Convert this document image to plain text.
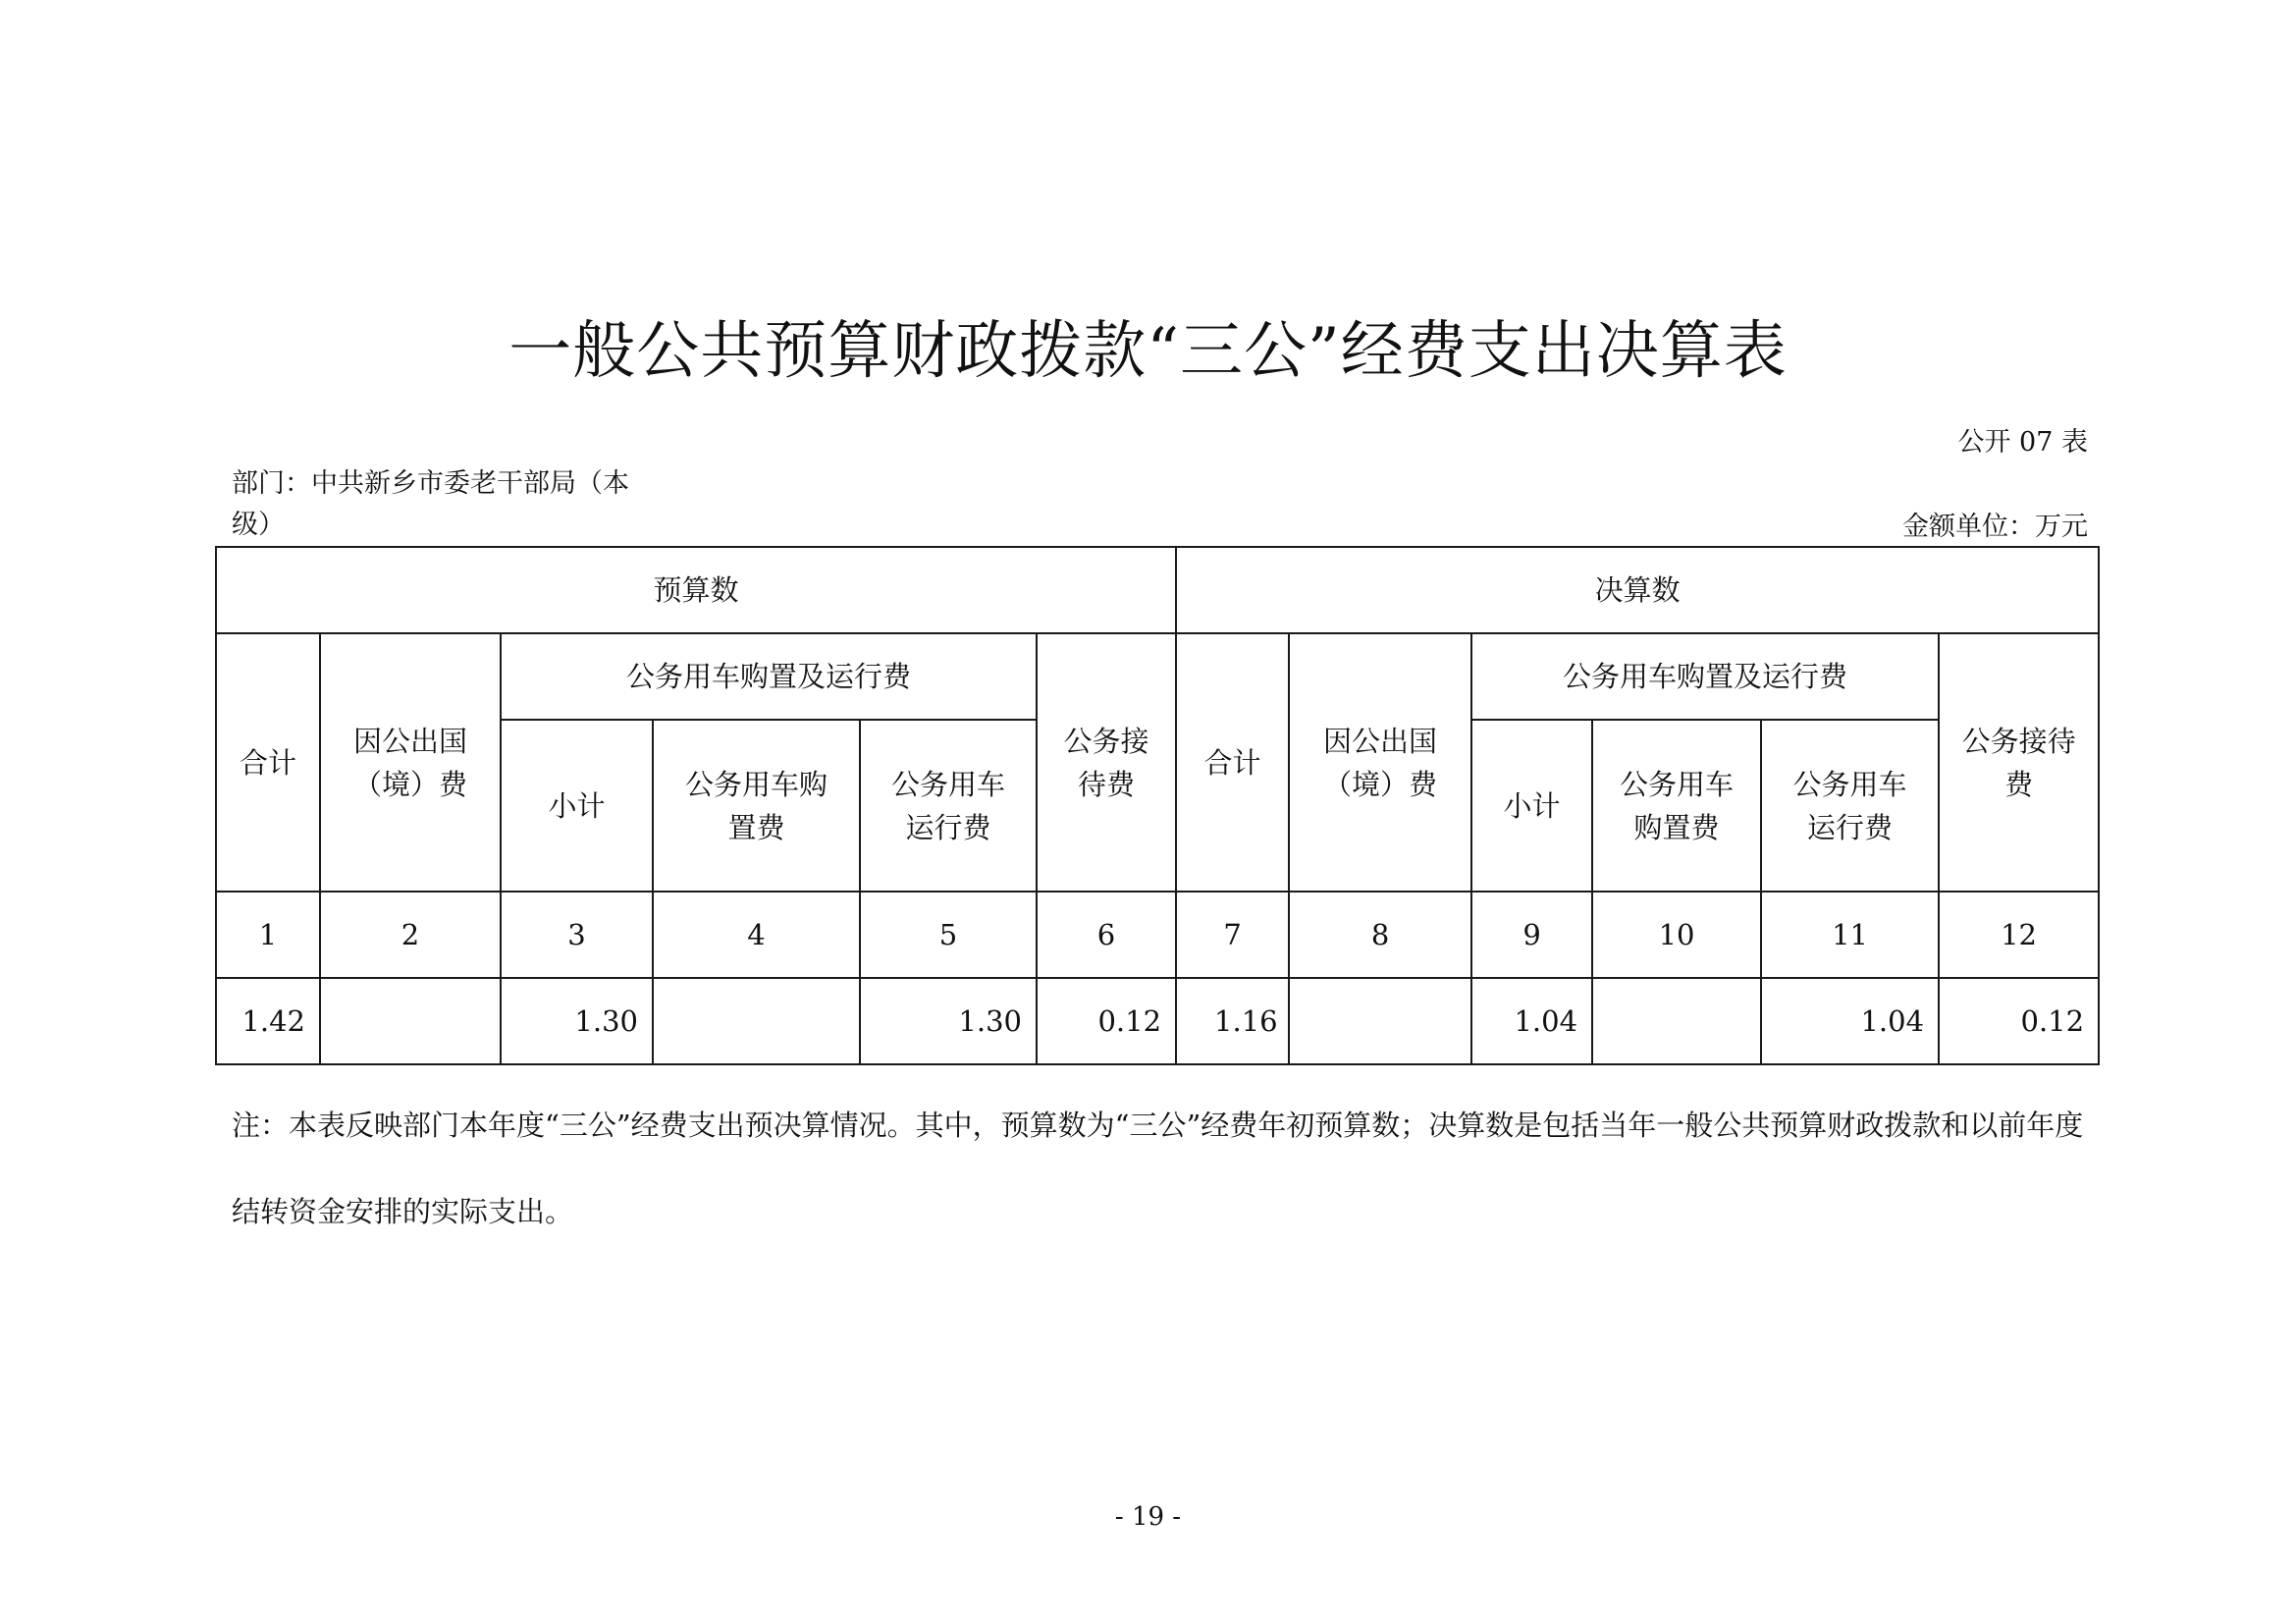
一般公共预算财政拨款“三公”经费支出决算表
公开 07 表
部门：中共新乡市委老干部局（本级）	金额单位：万元
预算数						决算数					
合计	因公出国（境）费	公务用车购置及运行费			公务接待费	合计	因公出国（境）费	公务用车购置及运行费			公务接待费
		小计	公务用车购置费	公务用车运行费				小计	公务用车购置费	公务用车运行费	
1	2	3	4	5	6	7	8	9	10	11	12
1.42		1.30		1.30	0.12	1.16		1.04		1.04	0.12
注：本表反映部门本年度“三公”经费支出预决算情况。其中，预算数为“三公”经费年初预算数；决算数是包括当年一般公共预算财政拨款和以前年度结转资金安排的实际支出。
- 19 -
